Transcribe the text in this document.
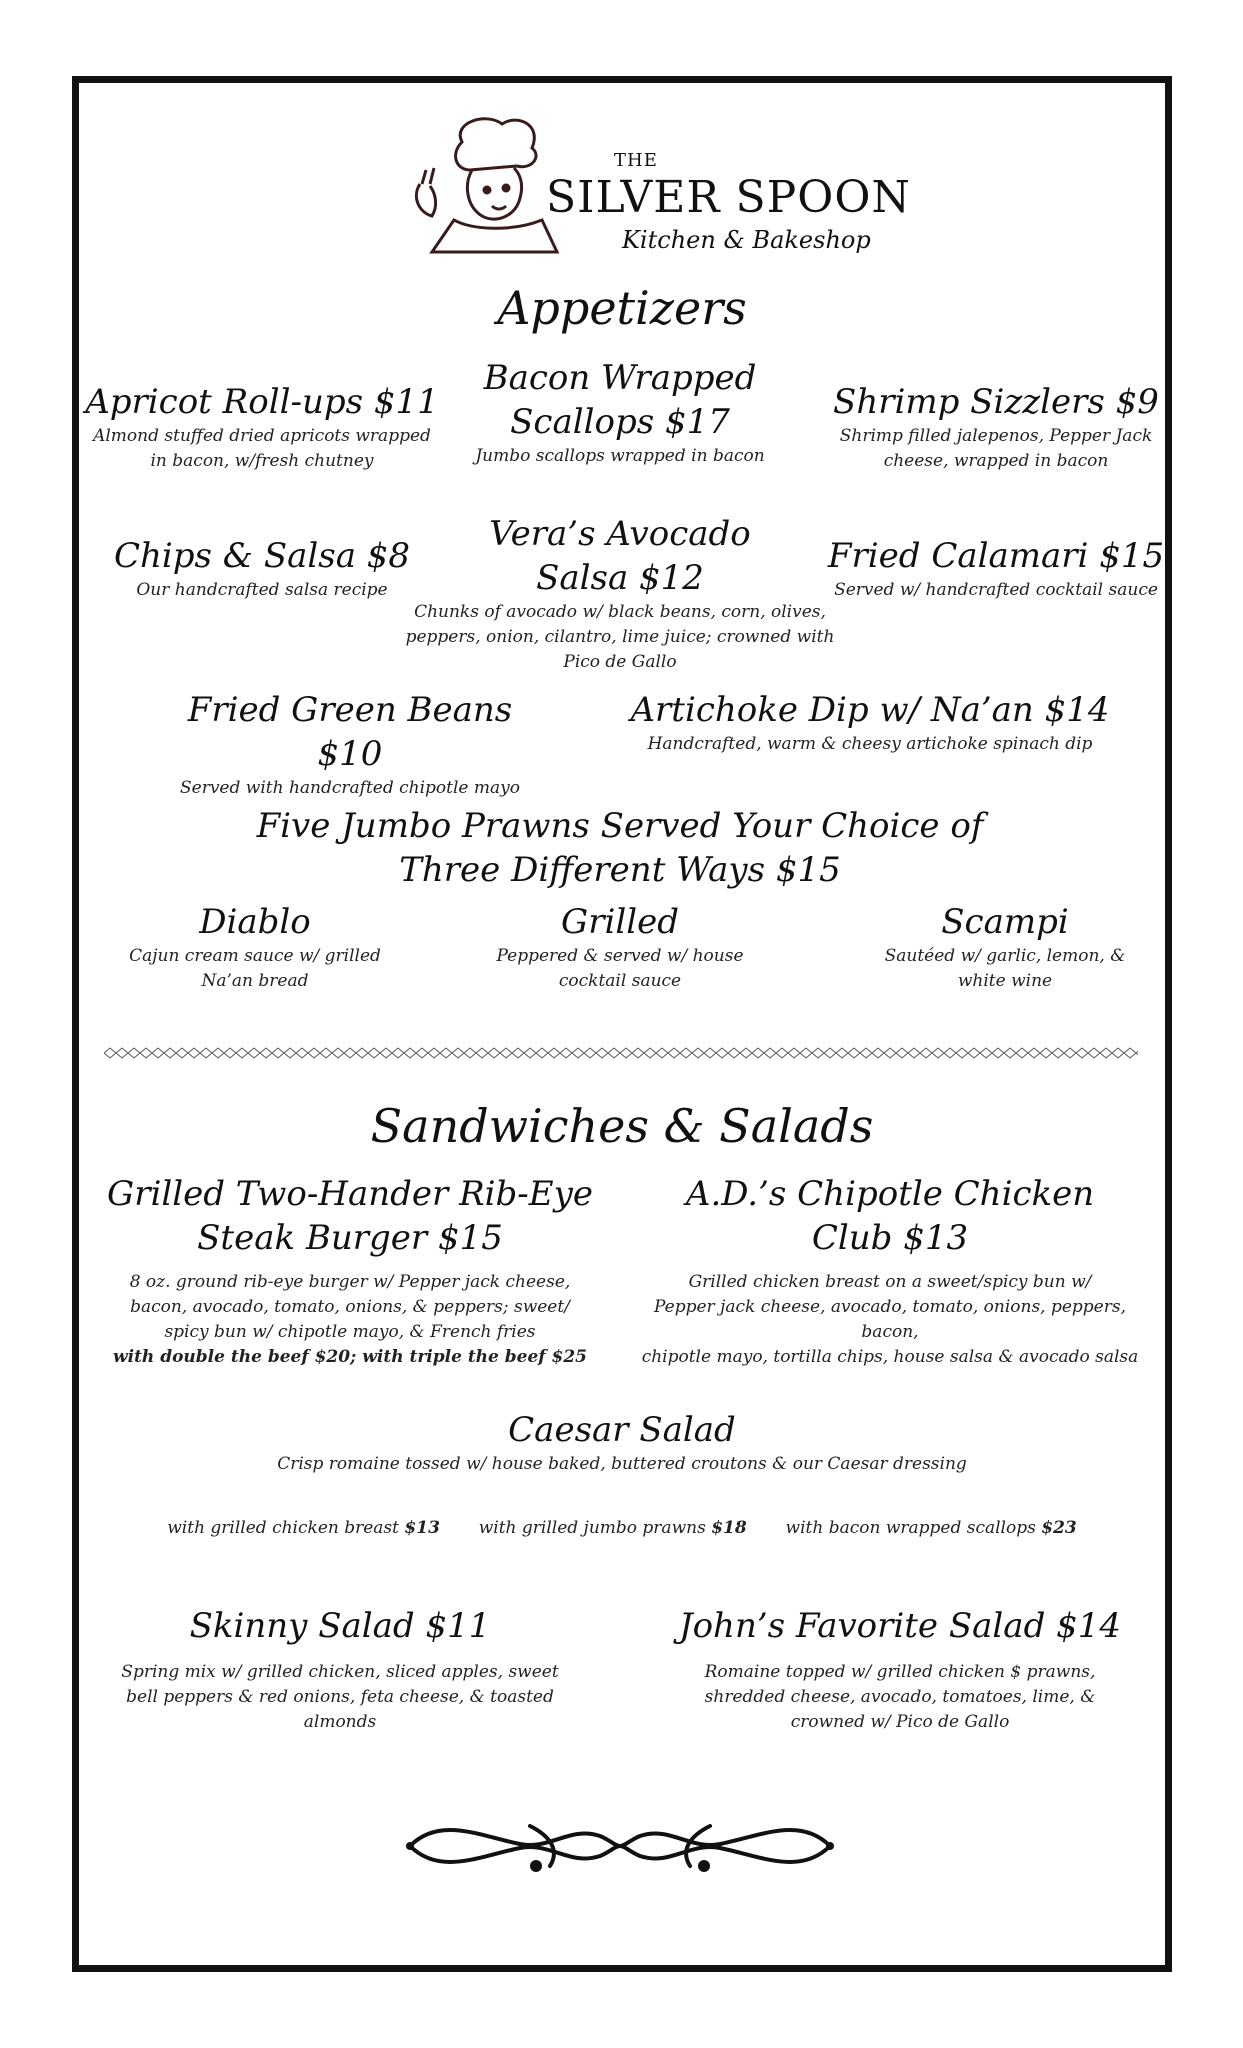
THE
SILVER SPOON
Kitchen & Bakeshop
Appetizers
Apricot Roll-ups $11
Almond stuffed dried apricots wrapped
in bacon, w/fresh chutney
Bacon Wrapped
Scallops $17
Jumbo scallops wrapped in bacon
Shrimp Sizzlers $9
Shrimp filled jalepenos, Pepper Jack
cheese, wrapped in bacon
Chips & Salsa $8
Our handcrafted salsa recipe
Vera’s Avocado
Salsa $12
Chunks of avocado w/ black beans, corn, olives,
peppers, onion, cilantro, lime juice; crowned with
Pico de Gallo
Fried Calamari $15
Served w/ handcrafted cocktail sauce
Fried Green Beans $10
Served with handcrafted chipotle mayo
Artichoke Dip w/ Na’an $14
Handcrafted, warm & cheesy artichoke spinach dip
Five Jumbo Prawns Served Your Choice of
Three Different Ways $15
Diablo
Cajun cream sauce w/ grilled
Na’an bread
Grilled
Peppered & served w/ house
cocktail sauce
Scampi
Sautéed w/ garlic, lemon, &
white wine
Sandwiches & Salads
Grilled Two-Hander Rib-Eye
Steak Burger $15
8 oz. ground rib-eye burger w/ Pepper jack cheese,
bacon, avocado, tomato, onions, & peppers; sweet/
spicy bun w/ chipotle mayo, & French fries
with double the beef $20; with triple the beef $25
A.D.’s Chipotle Chicken
Club $13
Grilled chicken breast on a sweet/spicy bun w/
Pepper jack cheese, avocado, tomato, onions, peppers, bacon,
chipotle mayo, tortilla chips, house salsa & avocado salsa
Caesar Salad
Crisp romaine tossed w/ house baked, buttered croutons & our Caesar dressing
with grilled chicken breast $13 with grilled jumbo prawns $18 with bacon wrapped scallops $23
Skinny Salad $11
Spring mix w/ grilled chicken, sliced apples, sweet
bell peppers & red onions, feta cheese, & toasted
almonds
John’s Favorite Salad $14
Romaine topped w/ grilled chicken $ prawns,
shredded cheese, avocado, tomatoes, lime, &
crowned w/ Pico de Gallo
